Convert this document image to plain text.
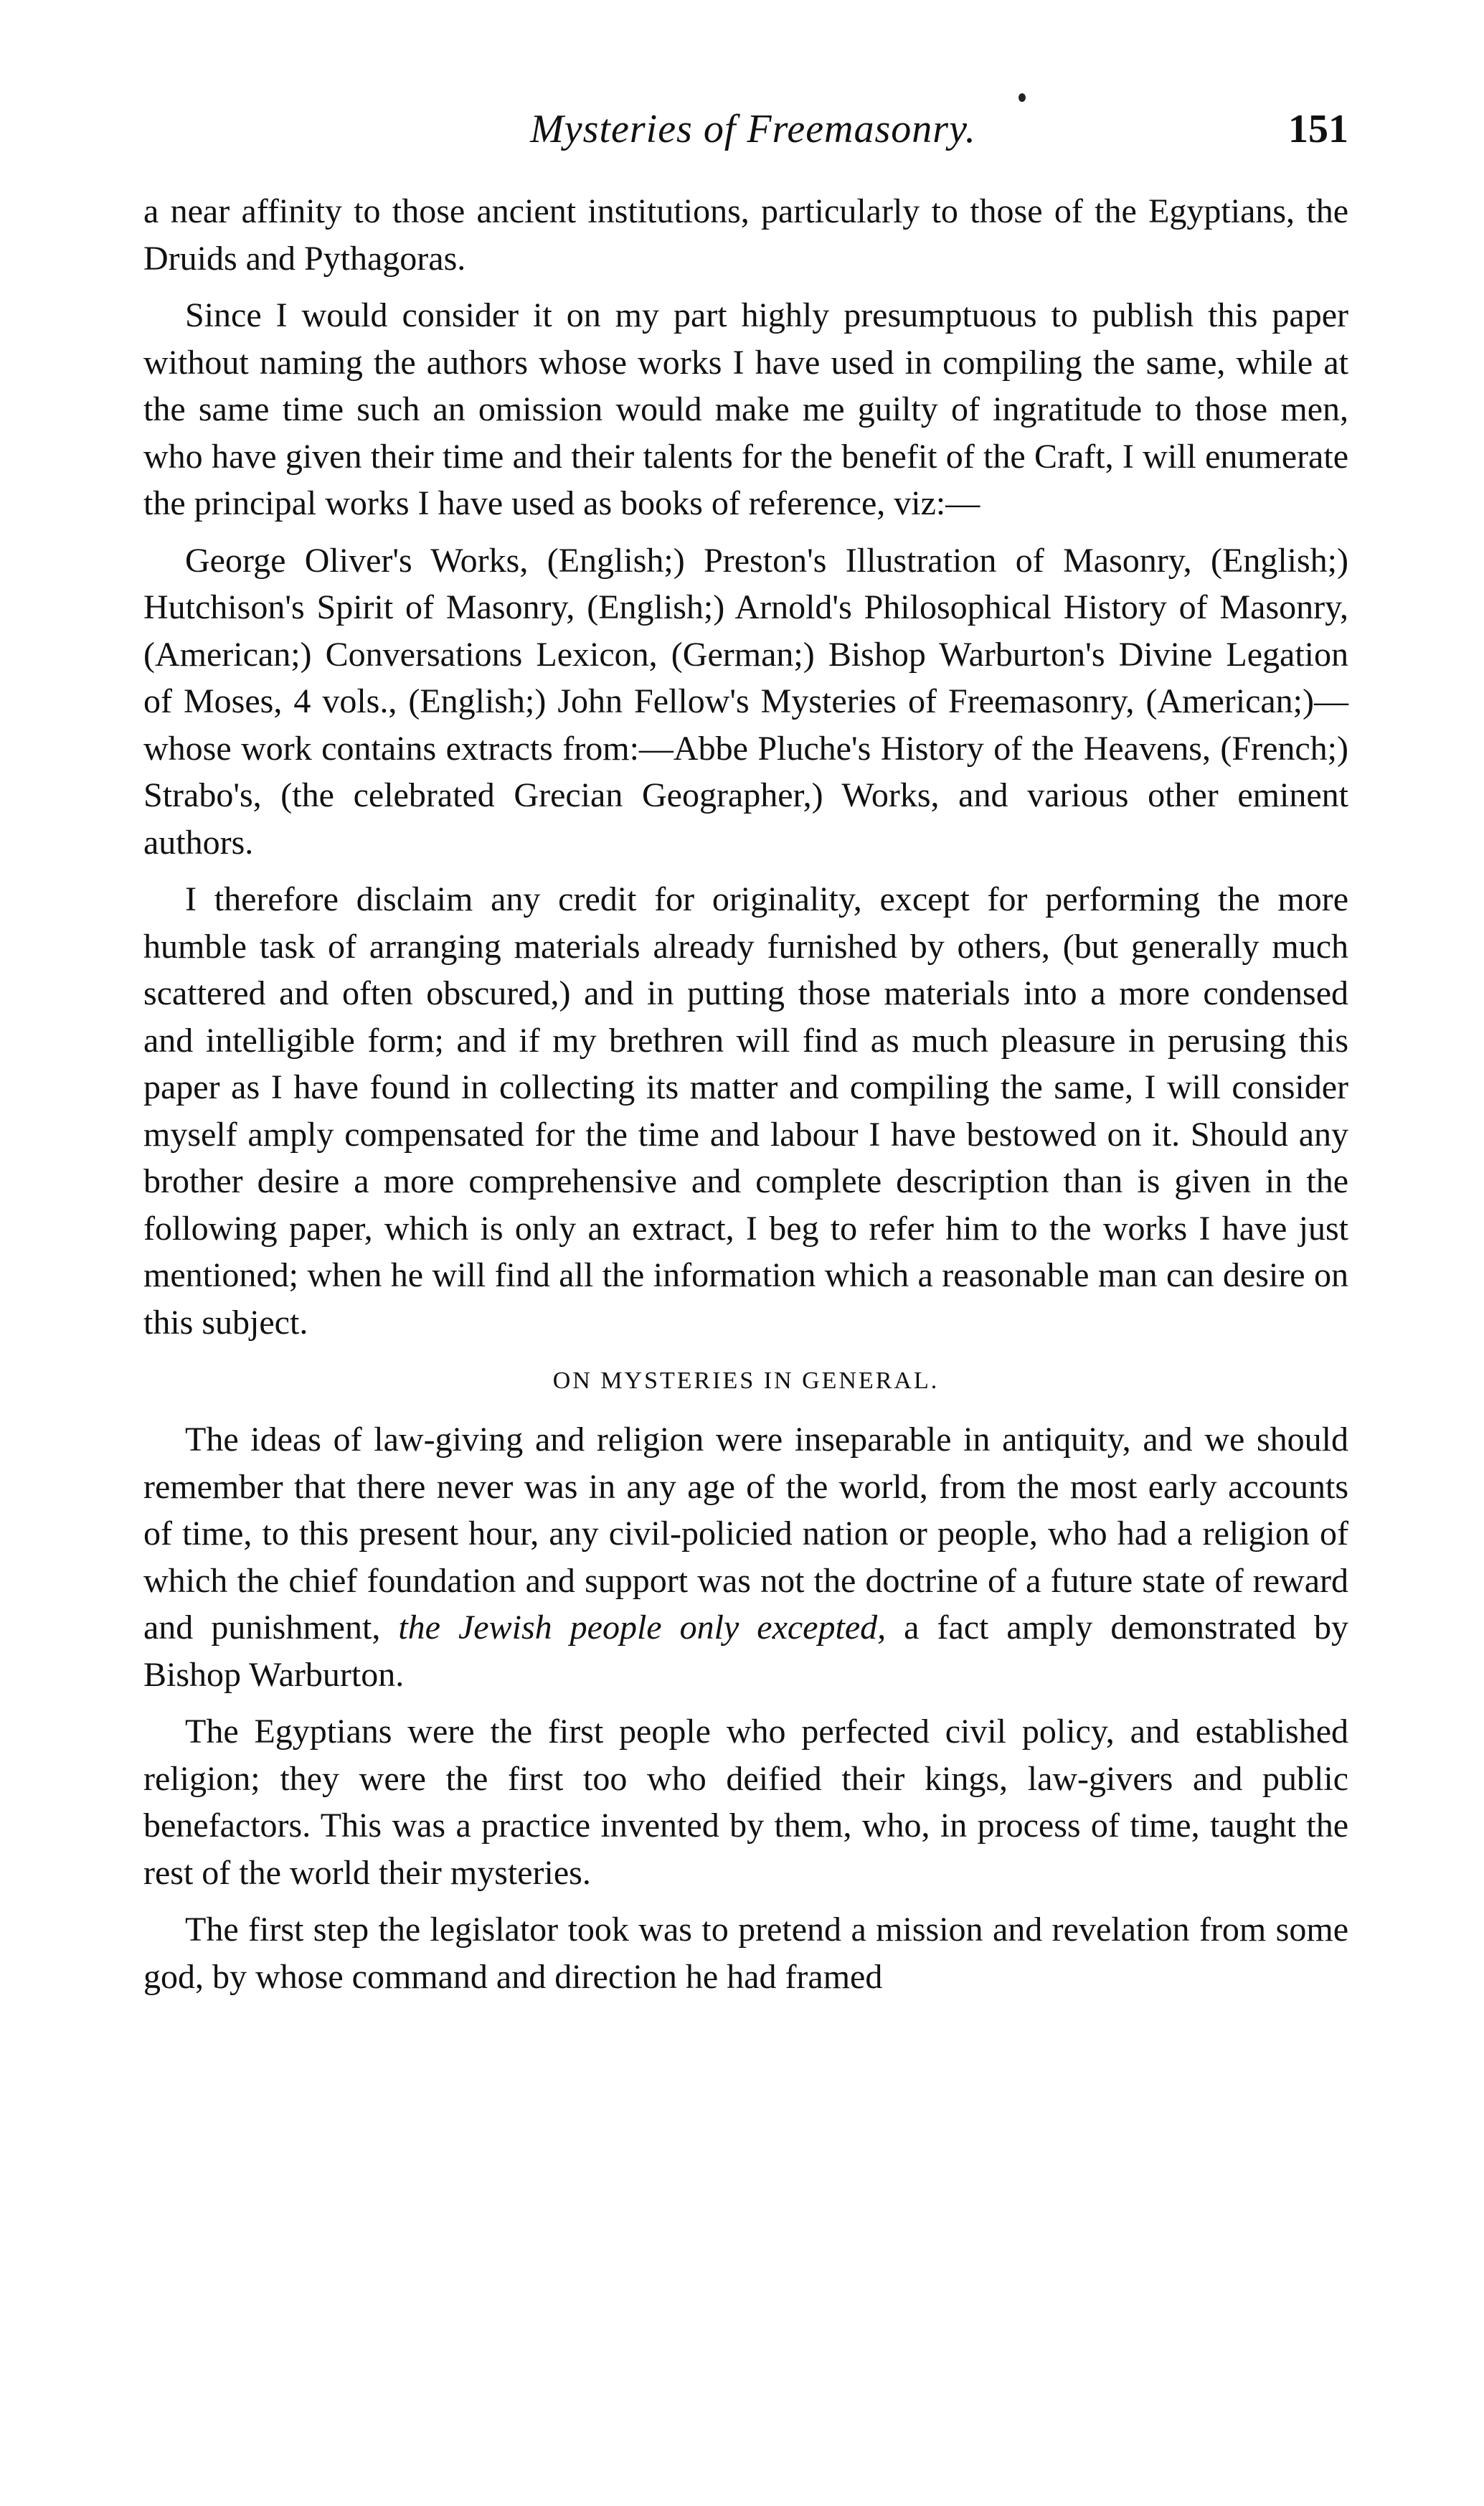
Mysteries of Freemasonry.	151

a near affinity to those ancient institutions, particularly to those of the Egyptians, the Druids and Pythagoras.

Since I would consider it on my part highly presumptuous to publish this paper without naming the authors whose works I have used in compiling the same, while at the same time such an omission would make me guilty of ingratitude to those men, who have given their time and their talents for the benefit of the Craft, I will enumerate the principal works I have used as books of reference, viz:—

George Oliver's Works, (English;) Preston's Illustration of Masonry, (English;) Hutchison's Spirit of Masonry, (English;) Arnold's Philosophical History of Masonry, (American;) Conversations Lexicon, (German;) Bishop Warburton's Divine Legation of Moses, 4 vols., (English;) John Fellow's Mysteries of Freemasonry, (American;)—whose work contains extracts from:—Abbe Pluche's History of the Heavens, (French;) Strabo's, (the celebrated Grecian Geographer,) Works, and various other eminent authors.

I therefore disclaim any credit for originality, except for performing the more humble task of arranging materials already furnished by others, (but generally much scattered and often obscured,) and in putting those materials into a more condensed and intelligible form; and if my brethren will find as much pleasure in perusing this paper as I have found in collecting its matter and compiling the same, I will consider myself amply compensated for the time and labour I have bestowed on it. Should any brother desire a more comprehensive and complete description than is given in the following paper, which is only an extract, I beg to refer him to the works I have just mentioned; when he will find all the information which a reasonable man can desire on this subject.

ON MYSTERIES IN GENERAL.

The ideas of law-giving and religion were inseparable in antiquity, and we should remember that there never was in any age of the world, from the most early accounts of time, to this present hour, any civil-policied nation or people, who had a religion of which the chief foundation and support was not the doctrine of a future state of reward and punishment, the Jewish people only excepted, a fact amply demonstrated by Bishop Warburton.

The Egyptians were the first people who perfected civil policy, and established religion; they were the first too who deified their kings, law-givers and public benefactors. This was a practice invented by them, who, in process of time, taught the rest of the world their mysteries.

The first step the legislator took was to pretend a mission and revelation from some god, by whose command and direction he had framed
